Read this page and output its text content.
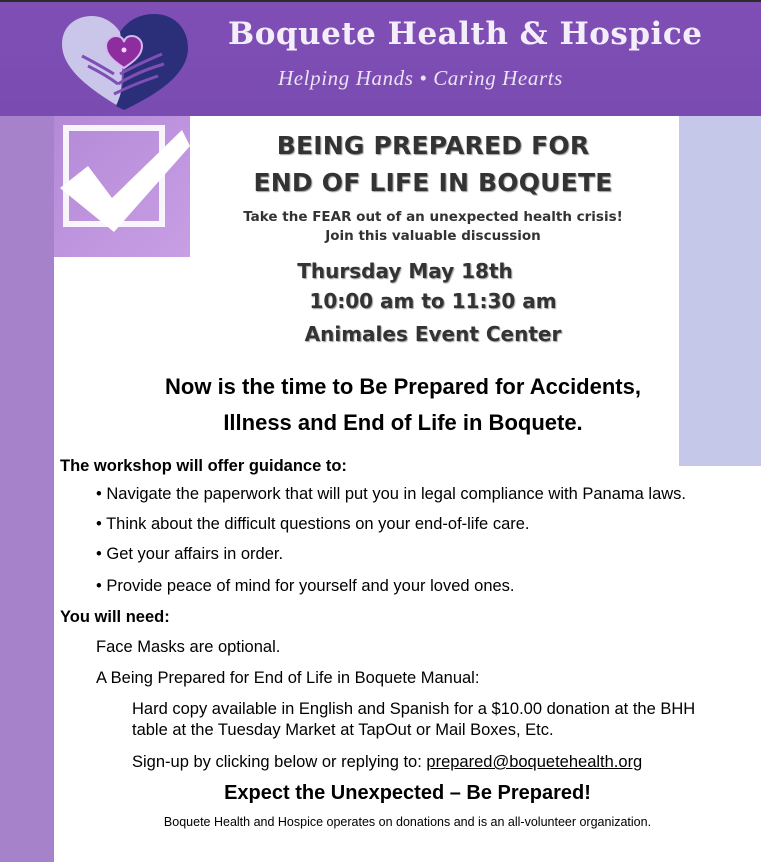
Boquete Health & Hospice
Helping Hands • Caring Hearts
BEING PREPARED FOR
END OF LIFE IN BOQUETE
Take the FEAR out of an unexpected health crisis!
Join this valuable discussion
Thursday May 18th
10:00 am to 11:30 am
Animales Event Center
Now is the time to Be Prepared for Accidents,
Illness and End of Life in Boquete.
The workshop will offer guidance to:
• Navigate the paperwork that will put you in legal compliance with Panama laws.
• Think about the difficult questions on your end-of-life care.
• Get your affairs in order.
• Provide peace of mind for yourself and your loved ones.
You will need:
Face Masks are optional.
A Being Prepared for End of Life in Boquete Manual:
Hard copy available in English and Spanish for a $10.00 donation at the BHH
table at the Tuesday Market at TapOut or Mail Boxes, Etc.
Sign-up by clicking below or replying to: prepared@boquetehealth.org
Expect the Unexpected – Be Prepared!
Boquete Health and Hospice operates on donations and is an all-volunteer organization.
